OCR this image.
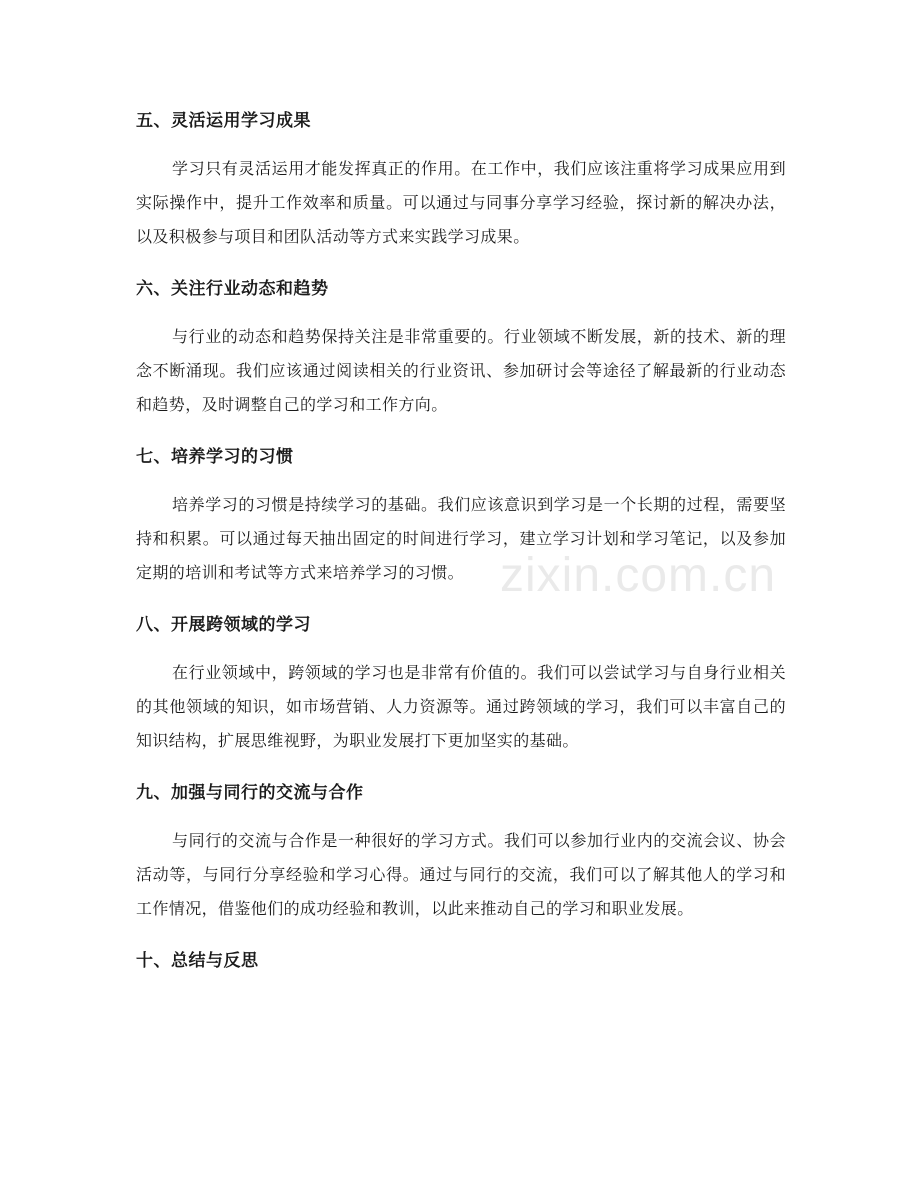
五、灵活运用学习成果

学习只有灵活运用才能发挥真正的作用。在工作中，我们应该注重将学习成果应用到实际操作中，提升工作效率和质量。可以通过与同事分享学习经验，探讨新的解决办法，以及积极参与项目和团队活动等方式来实践学习成果。

六、关注行业动态和趋势

与行业的动态和趋势保持关注是非常重要的。行业领域不断发展，新的技术、新的理念不断涌现。我们应该通过阅读相关的行业资讯、参加研讨会等途径了解最新的行业动态和趋势，及时调整自己的学习和工作方向。

七、培养学习的习惯

培养学习的习惯是持续学习的基础。我们应该意识到学习是一个长期的过程，需要坚持和积累。可以通过每天抽出固定的时间进行学习，建立学习计划和学习笔记，以及参加定期的培训和考试等方式来培养学习的习惯。

八、开展跨领域的学习

在行业领域中，跨领域的学习也是非常有价值的。我们可以尝试学习与自身行业相关的其他领域的知识，如市场营销、人力资源等。通过跨领域的学习，我们可以丰富自己的知识结构，扩展思维视野，为职业发展打下更加坚实的基础。

九、加强与同行的交流与合作

与同行的交流与合作是一种很好的学习方式。我们可以参加行业内的交流会议、协会活动等，与同行分享经验和学习心得。通过与同行的交流，我们可以了解其他人的学习和工作情况，借鉴他们的成功经验和教训，以此来推动自己的学习和职业发展。

十、总结与反思
zixin.com.cn
